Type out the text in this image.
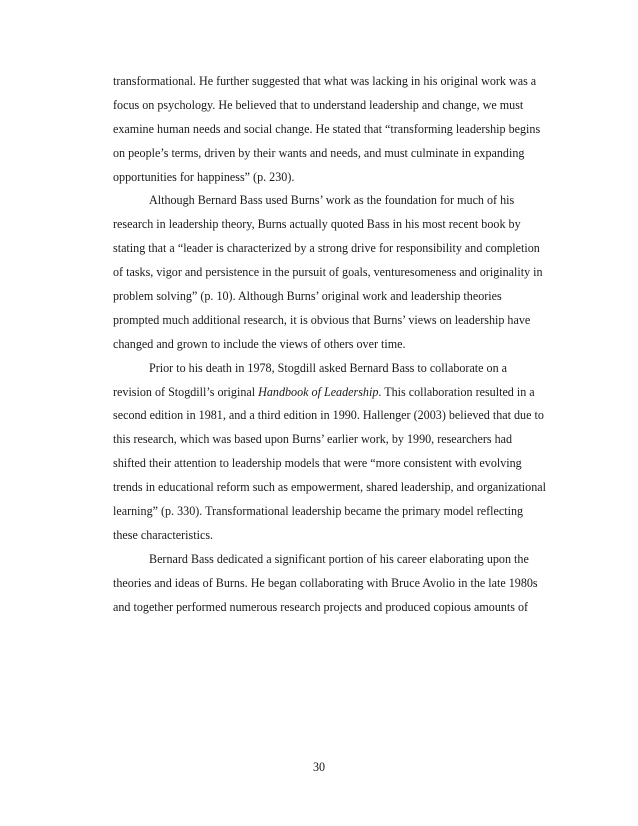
transformational. He further suggested that what was lacking in his original work was a
focus on psychology. He believed that to understand leadership and change, we must
examine human needs and social change. He stated that “transforming leadership begins
on people’s terms, driven by their wants and needs, and must culminate in expanding
opportunities for happiness” (p. 230).
Although Bernard Bass used Burns’ work as the foundation for much of his
research in leadership theory, Burns actually quoted Bass in his most recent book by
stating that a “leader is characterized by a strong drive for responsibility and completion
of tasks, vigor and persistence in the pursuit of goals, venturesomeness and originality in
problem solving” (p. 10). Although Burns’ original work and leadership theories
prompted much additional research, it is obvious that Burns’ views on leadership have
changed and grown to include the views of others over time.
Prior to his death in 1978, Stogdill asked Bernard Bass to collaborate on a
revision of Stogdill’s original Handbook of Leadership. This collaboration resulted in a
second edition in 1981, and a third edition in 1990. Hallenger (2003) believed that due to
this research, which was based upon Burns’ earlier work, by 1990, researchers had
shifted their attention to leadership models that were “more consistent with evolving
trends in educational reform such as empowerment, shared leadership, and organizational
learning” (p. 330). Transformational leadership became the primary model reflecting
these characteristics.
Bernard Bass dedicated a significant portion of his career elaborating upon the
theories and ideas of Burns. He began collaborating with Bruce Avolio in the late 1980s
and together performed numerous research projects and produced copious amounts of
30
